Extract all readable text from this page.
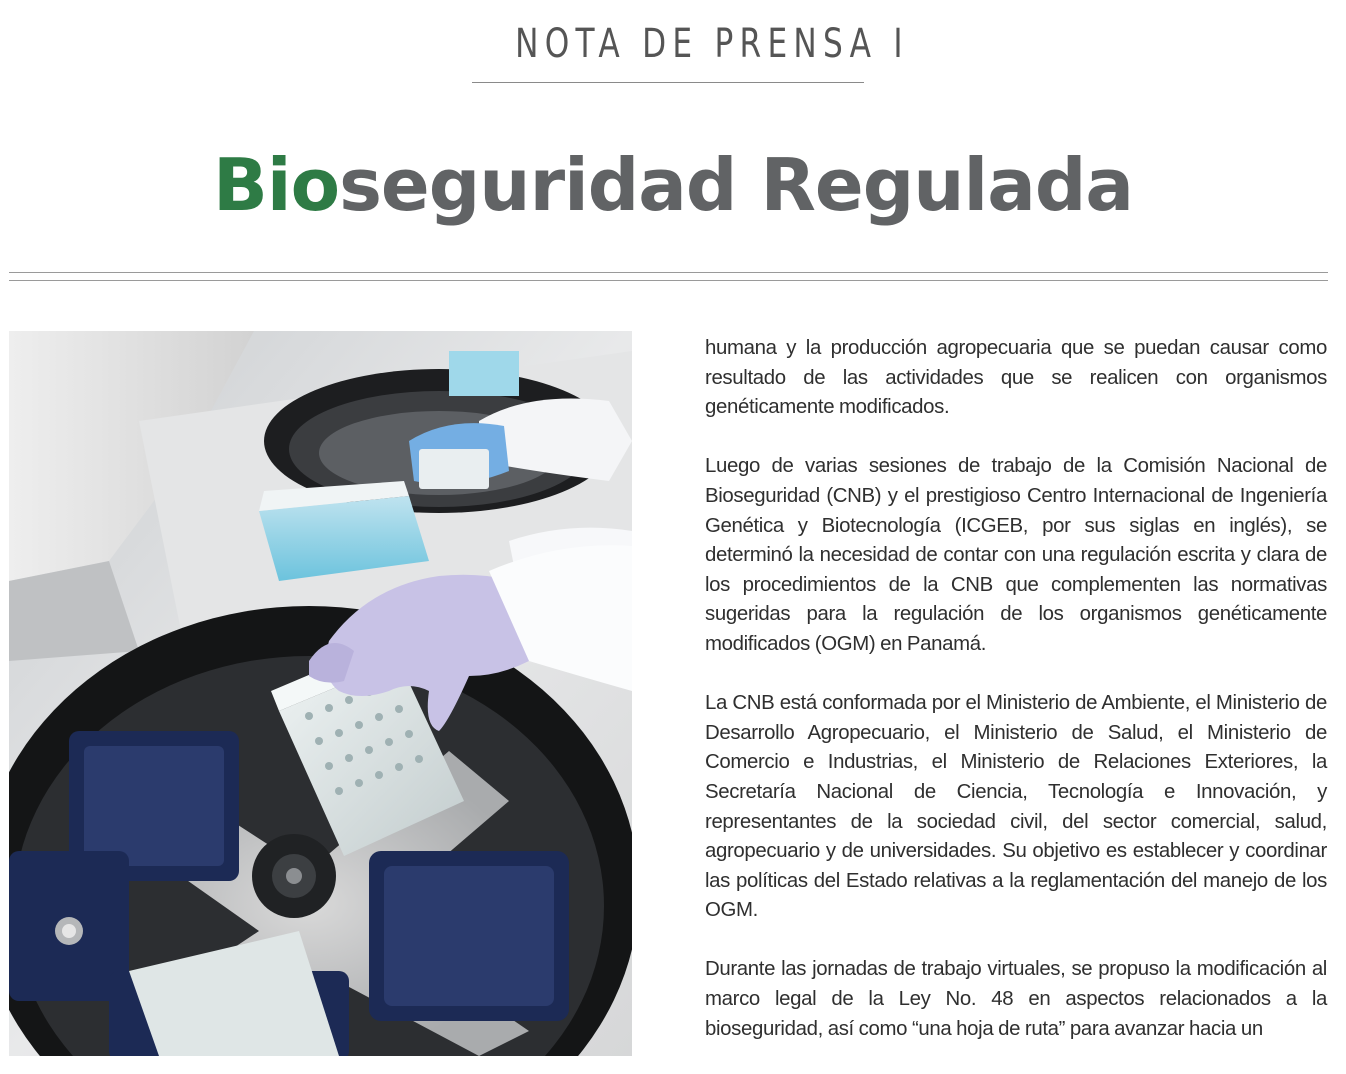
NOTA DE PRENSA I
Bioseguridad Regulada

humana y la producción agropecuaria que se puedan causar como resultado de las actividades que se realicen con organismos genéticamente modificados.

Luego de varias sesiones de trabajo de la Comisión Nacional de Bioseguridad (CNB) y el prestigioso Centro Internacional de Ingeniería Genética y Biotecnología (ICGEB, por sus siglas en inglés), se determinó la necesidad de contar con una regulación escrita y clara de los procedimientos de la CNB que complementen las normativas sugeridas para la regulación de los organismos genéticamente modificados (OGM) en Panamá.

La CNB está conformada por el Ministerio de Ambiente, el Ministerio de Desarrollo Agropecuario, el Ministerio de Salud, el Ministerio de Comercio e Industrias, el Ministerio de Relaciones Exteriores, la Secretaría Nacional de Ciencia, Tecnología e Innovación, y representantes de la sociedad civil, del sector comercial, salud, agropecuario y de universidades. Su objetivo es establecer y coordinar las políticas del Estado relativas a la reglamentación del manejo de los OGM.

Durante las jornadas de trabajo virtuales, se propuso la modificación al marco legal de la Ley No. 48 en aspectos relacionados a la bioseguridad, así como “una hoja de ruta” para avanzar hacia un
